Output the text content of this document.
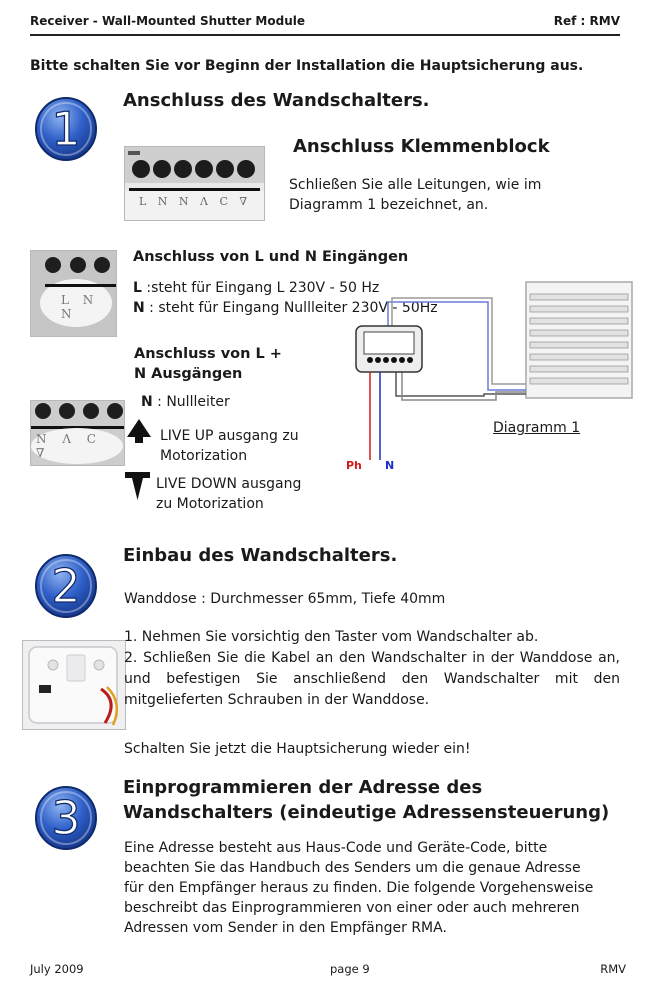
Receiver - Wall-Mounted Shutter Module	Ref : RMV
Bitte schalten Sie vor Beginn der Installation die Hauptsicherung aus.
1
Anschluss des Wandschalters.
Anschluss Klemmenblock
Schließen Sie alle Leitungen, wie im
Diagramm 1 bezeichnet, an.
L N N Λ C ∇
L N N
Anschluss von L und N Eingängen
L :steht für Eingang L 230V - 50 Hz
N : steht für Eingang Nullleiter 230V - 50Hz
Anschluss von L +
N Ausgängen
N Λ C ∇
N : Nullleiter
LIVE UP ausgang zu
Motorization
LIVE DOWN ausgang
zu Motorization
Ph N
Diagramm 1
2
Einbau des Wandschalters.
Wanddose : Durchmesser 65mm, Tiefe 40mm
1. Nehmen Sie vorsichtig den Taster vom Wandschalter ab.
2. Schließen Sie die Kabel an den Wandschalter in der Wanddose an, und befestigen Sie anschließend den Wandschalter mit den mitgelieferten Schrauben in der Wanddose.
Schalten Sie jetzt die Hauptsicherung wieder ein!
3
Einprogrammieren der Adresse des
Wandschalters (eindeutige Adressensteuerung)
Eine Adresse besteht aus Haus-Code und Geräte-Code, bitte
beachten Sie das Handbuch des Senders um die genaue Adresse
für den Empfänger heraus zu finden. Die folgende Vorgehensweise
beschreibt das Einprogrammieren von einer oder auch mehreren
Adressen vom Sender in den Empfänger RMA.
July 2009	page 9	RMV
